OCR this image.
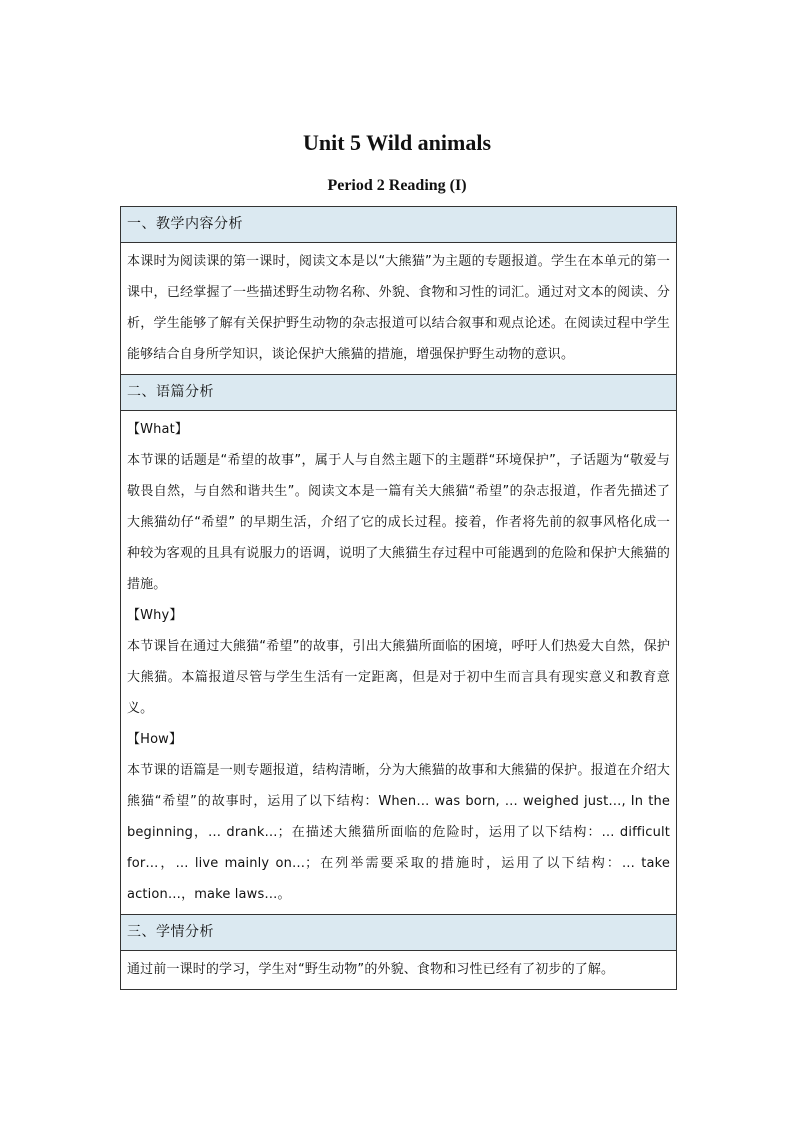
Unit 5 Wild animals
Period 2 Reading (I)
一、教学内容分析

本课时为阅读课的第一课时，阅读文本是以“大熊猫”为主题的专题报道。学生在本单元的第一课中，已经掌握了一些描述野生动物名称、外貌、食物和习性的词汇。通过对文本的阅读、分析，学生能够了解有关保护野生动物的杂志报道可以结合叙事和观点论述。在阅读过程中学生能够结合自身所学知识，谈论保护大熊猫的措施，增强保护野生动物的意识。

二、语篇分析

【What】

本节课的话题是“希望的故事”，属于人与自然主题下的主题群“环境保护”，子话题为“敬爱与敬畏自然，与自然和谐共生”。阅读文本是一篇有关大熊猫“希望”的杂志报道，作者先描述了大熊猫幼仔“希望” 的早期生活，介绍了它的成长过程。接着，作者将先前的叙事风格化成一种较为客观的且具有说服力的语调，说明了大熊猫生存过程中可能遇到的危险和保护大熊猫的措施。

【Why】

本节课旨在通过大熊猫“希望”的故事，引出大熊猫所面临的困境，呼吁人们热爱大自然，保护大熊猫。本篇报道尽管与学生生活有一定距离，但是对于初中生而言具有现实意义和教育意义。

【How】

本节课的语篇是一则专题报道，结构清晰，分为大熊猫的故事和大熊猫的保护。报道在介绍大熊猫“希望”的故事时，运用了以下结构：When… was born, … weighed just…, In the beginning，… drank…；在描述大熊猫所面临的危险时，运用了以下结构：… difficult for…，… live mainly on…；在列举需要采取的措施时，运用了以下结构：… take action…，make laws…。

三、学情分析

通过前一课时的学习，学生对“野生动物”的外貌、食物和习性已经有了初步的了解。
